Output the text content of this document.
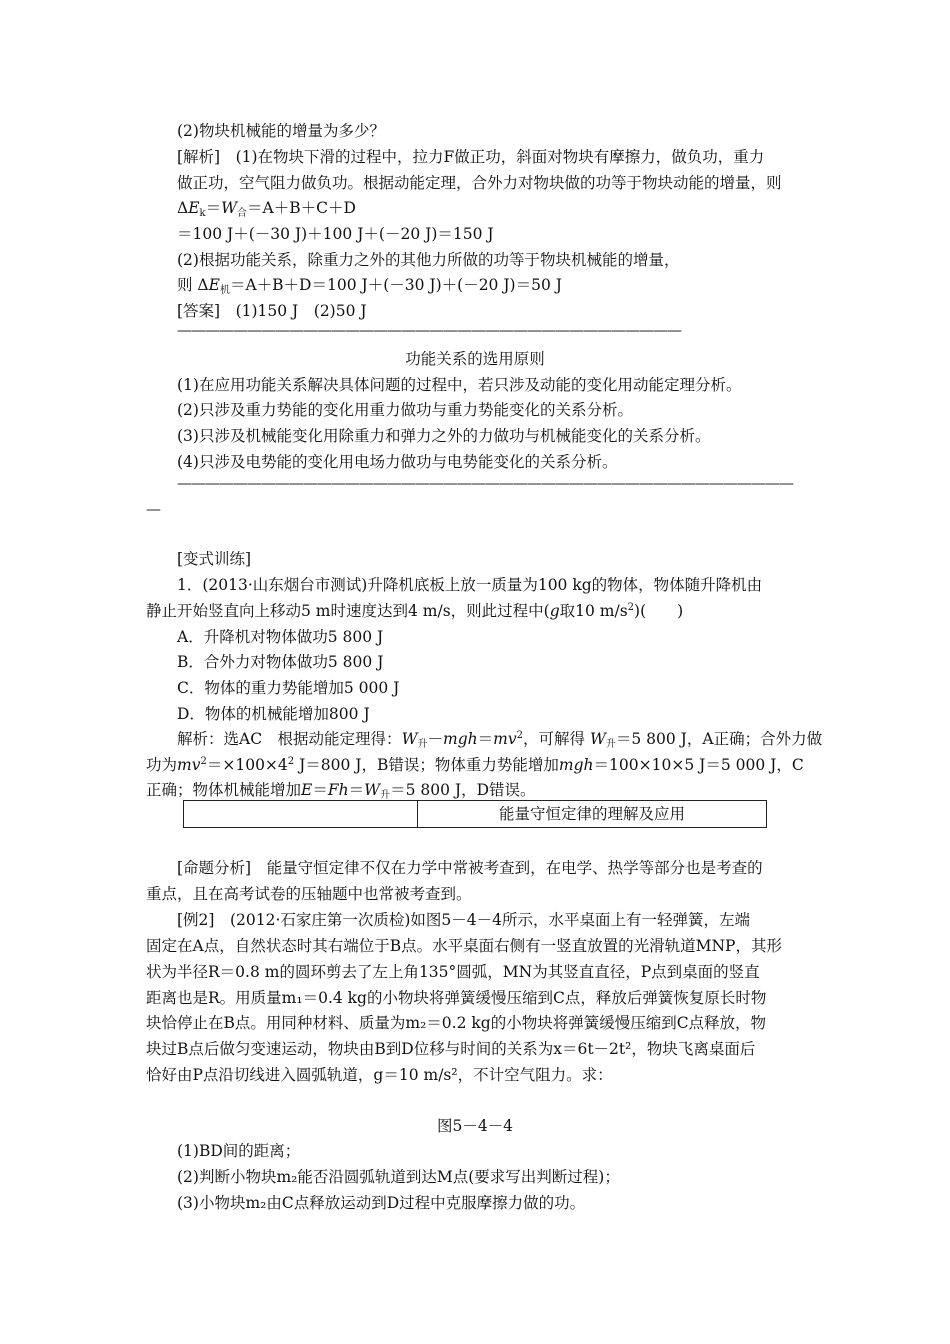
(2)物块机械能的增量为多少？
[解析]　(1)在物块下滑的过程中，拉力F做正功，斜面对物块有摩擦力，做负功，重力
做正功，空气阻力做负功。根据动能定理，合外力对物块做的功等于物块动能的增量，则
$\Delta E_k=W_合=A+B+C+D$
＝100 J＋(－30 J)＋100 J＋(－20 J)＝150 J
(2)根据功能关系，除重力之外的其他力所做的功等于物块机械能的增量，
则 $\Delta E_机=A+B+D=100$ J＋(－30 J)＋(－20 J)＝50 J
[答案]　(1)150 J　(2)50 J
————————————————————————————————————
功能关系的选用原则
(1)在应用功能关系解决具体问题的过程中，若只涉及动能的变化用动能定理分析。
(2)只涉及重力势能的变化用重力做功与重力势能变化的关系分析。
(3)只涉及机械能变化用除重力和弹力之外的力做功与机械能变化的关系分析。
(4)只涉及电势能的变化用电场力做功与电势能变化的关系分析。
————————————————————————————————————————————
—
[变式训练]
1．(2013·山东烟台市测试)升降机底板上放一质量为100 kg的物体，物体随升降机由
静止开始竖直向上移动5 m时速度达到4 m/s，则此过程中(g取10 $m/s^2$)(　　)
A．升降机对物体做功5 800 J
B．合外力对物体做功5 800 J
C．物体的重力势能增加5 000 J
D．物体的机械能增加800 J
解析：选AC　根据动能定理得：$W_升-mgh=mv^2$，可解得 $W_升=5$ 800 J，A正确；合外力做
功为$mv^2=\times 100\times 4^2$ J＝800 J，B错误；物体重力势能增加mgh＝100×10×5 J＝5 000 J，C
正确；物体机械能增加$E=Fh=W_升=5$ 800 J，D错误。
能量守恒定律的理解及应用
[命题分析]　能量守恒定律不仅在力学中常被考查到，在电学、热学等部分也是考查的
重点，且在高考试卷的压轴题中也常被考查到。
[例2]　(2012·石家庄第一次质检)如图5－4－4所示，水平桌面上有一轻弹簧，左端
固定在A点，自然状态时其右端位于B点。水平桌面右侧有一竖直放置的光滑轨道MNP，其形
状为半径R＝0.8 m的圆环剪去了左上角135°圆弧，MN为其竖直直径，P点到桌面的竖直
距离也是R。用质量m₁＝0.4 kg的小物块将弹簧缓慢压缩到C点，释放后弹簧恢复原长时物
块恰停止在B点。用同种材料、质量为m₂＝0.2 kg的小物块将弹簧缓慢压缩到C点释放，物
块过B点后做匀变速运动，物块由B到D位移与时间的关系为x＝6t－2t²，物块飞离桌面后
恰好由P点沿切线进入圆弧轨道，g＝10 m/s²，不计空气阻力。求：
图5－4－4
(1)BD间的距离；
(2)判断小物块m₂能否沿圆弧轨道到达M点(要求写出判断过程)；
(3)小物块m₂由C点释放运动到D过程中克服摩擦力做的功。
